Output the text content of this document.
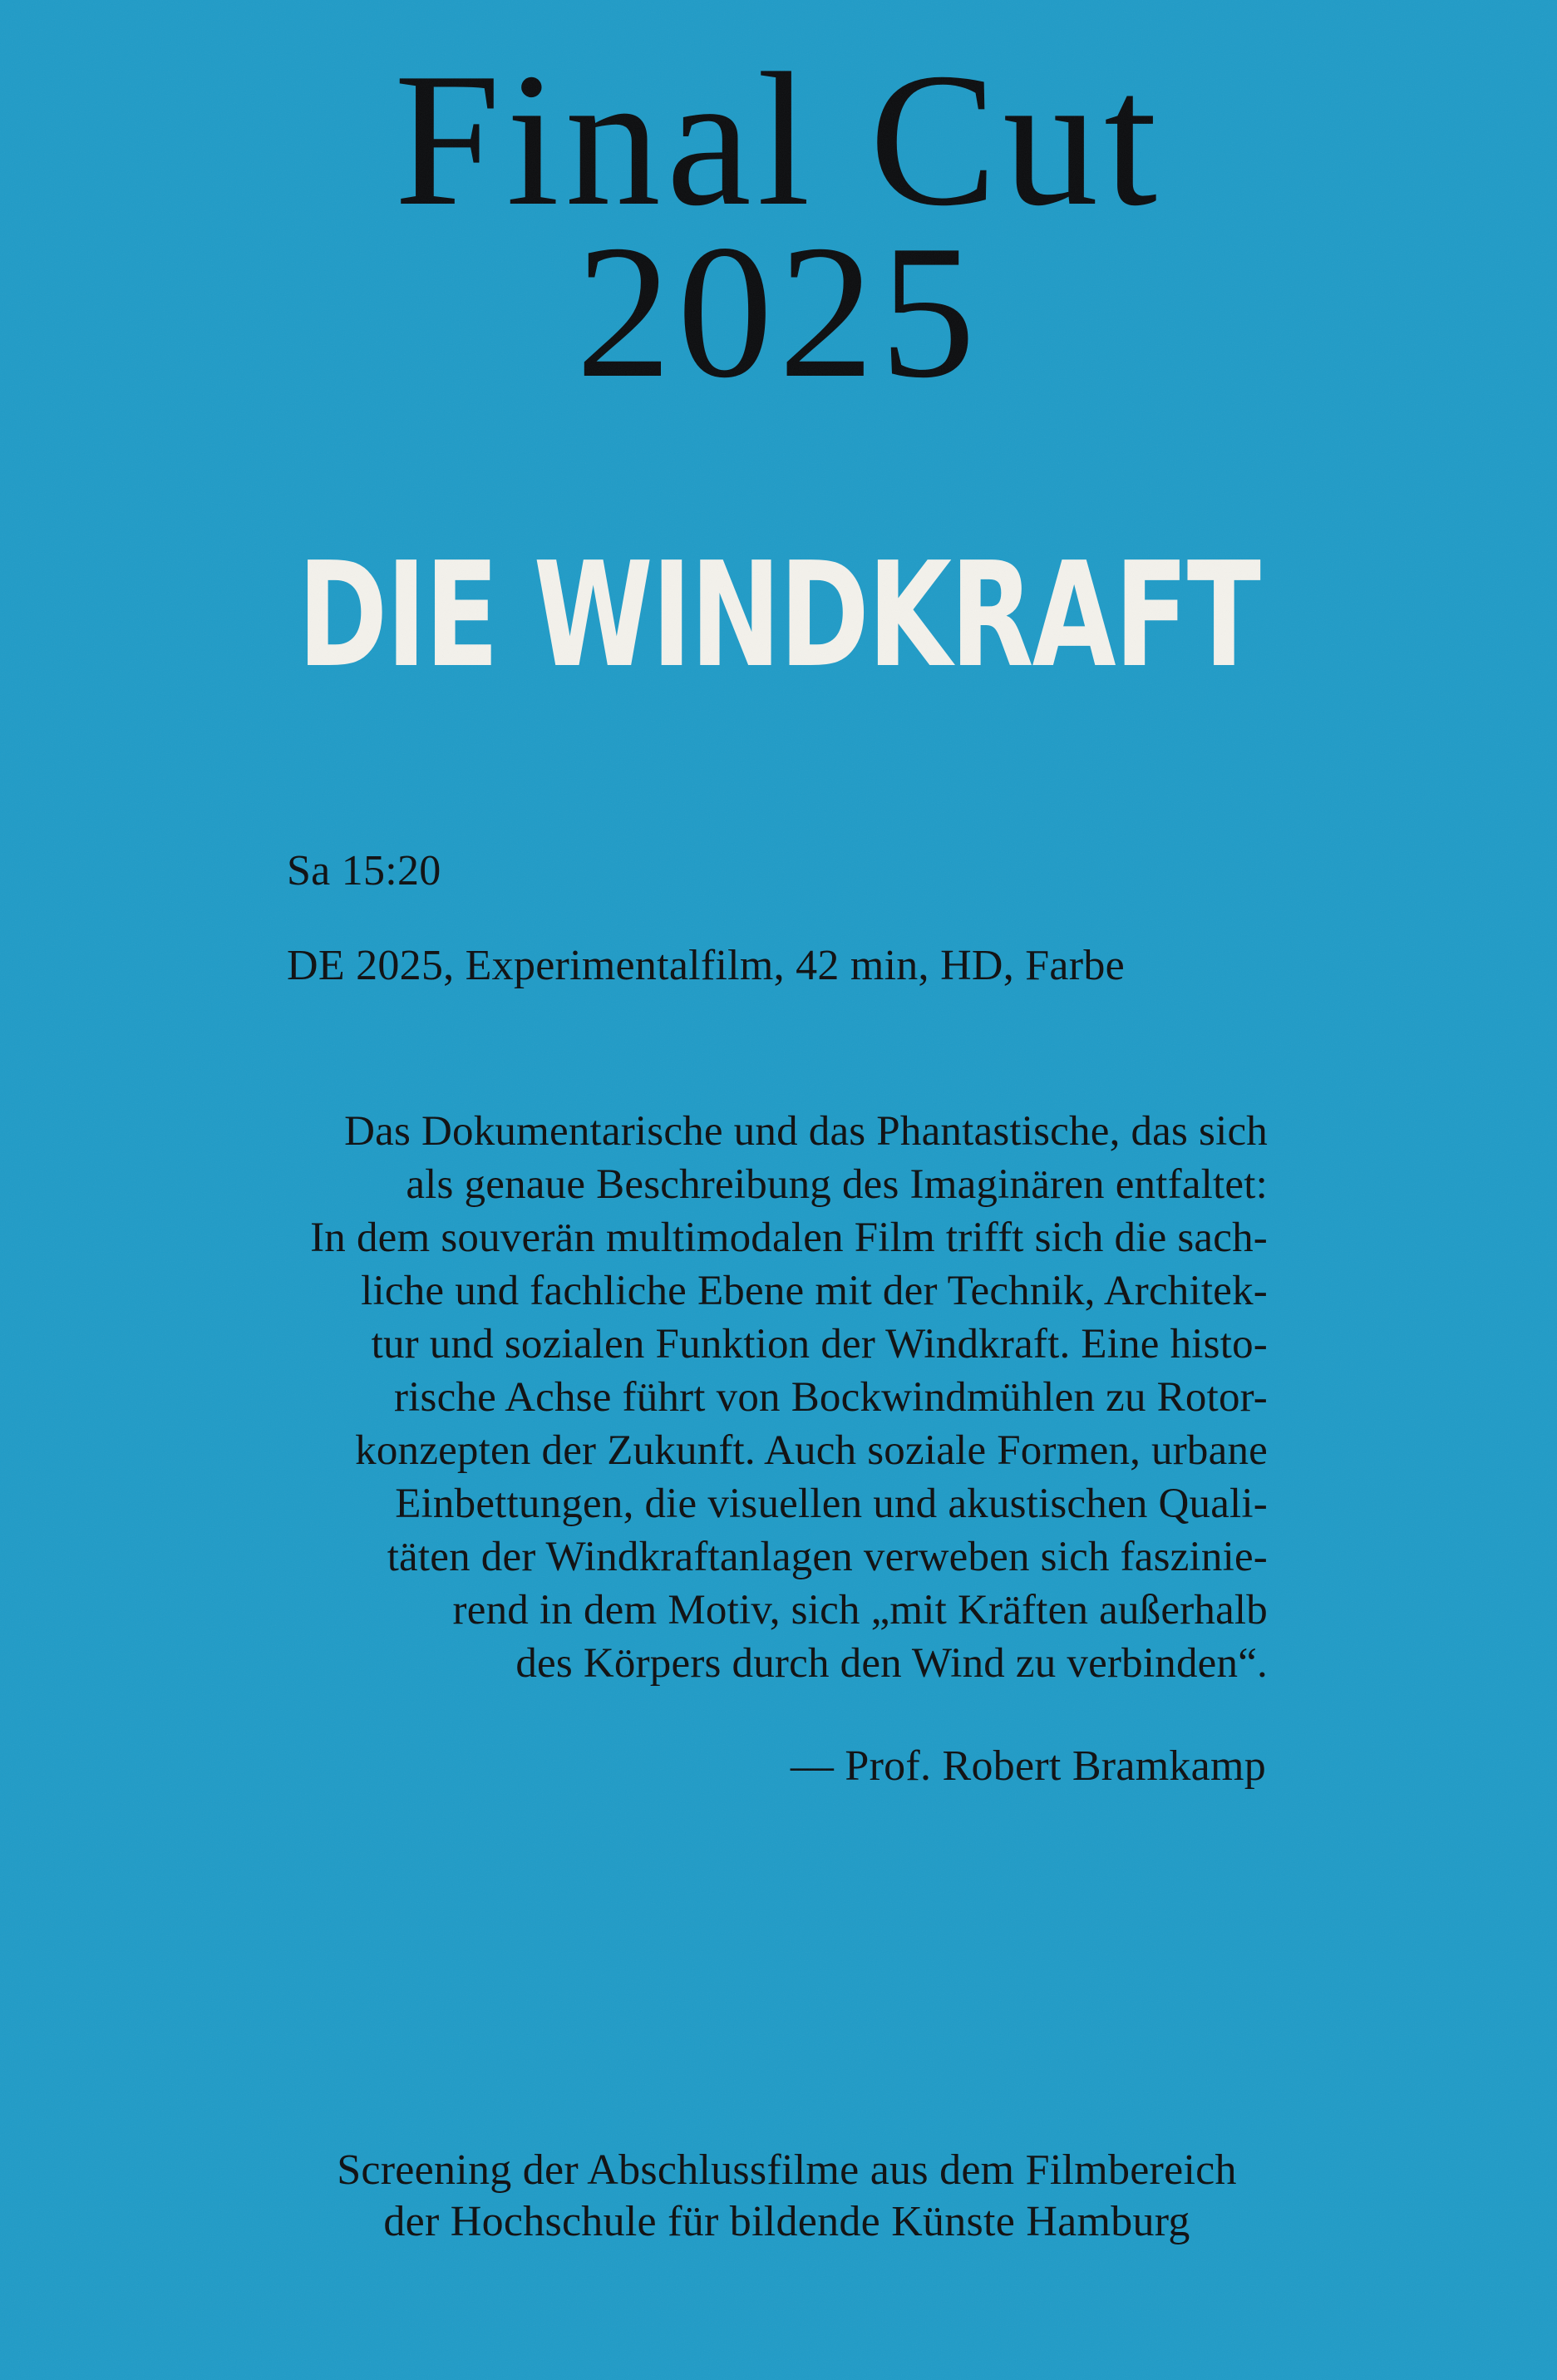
Final Cut
2025
DIE WINDKRAFT
Sa 15:20
DE 2025, Experimentalfilm, 42 min, HD, Farbe
Das Dokumentarische und das Phantastische, das sich
als genaue Beschreibung des Imaginären entfaltet:
In dem souverän multimodalen Film trifft sich die sach-
liche und fachliche Ebene mit der Technik, Architek-
tur und sozialen Funktion der Windkraft. Eine histo-
rische Achse führt von Bockwindmühlen zu Rotor-
konzepten der Zukunft. Auch soziale Formen, urbane
Einbettungen, die visuellen und akustischen Quali-
täten der Windkraftanlagen verweben sich faszinie-
rend in dem Motiv, sich „mit Kräften außerhalb
des Körpers durch den Wind zu verbinden“.
— Prof. Robert Bramkamp
Screening der Abschlussfilme aus dem Filmbereich
der Hochschule für bildende Künste Hamburg
